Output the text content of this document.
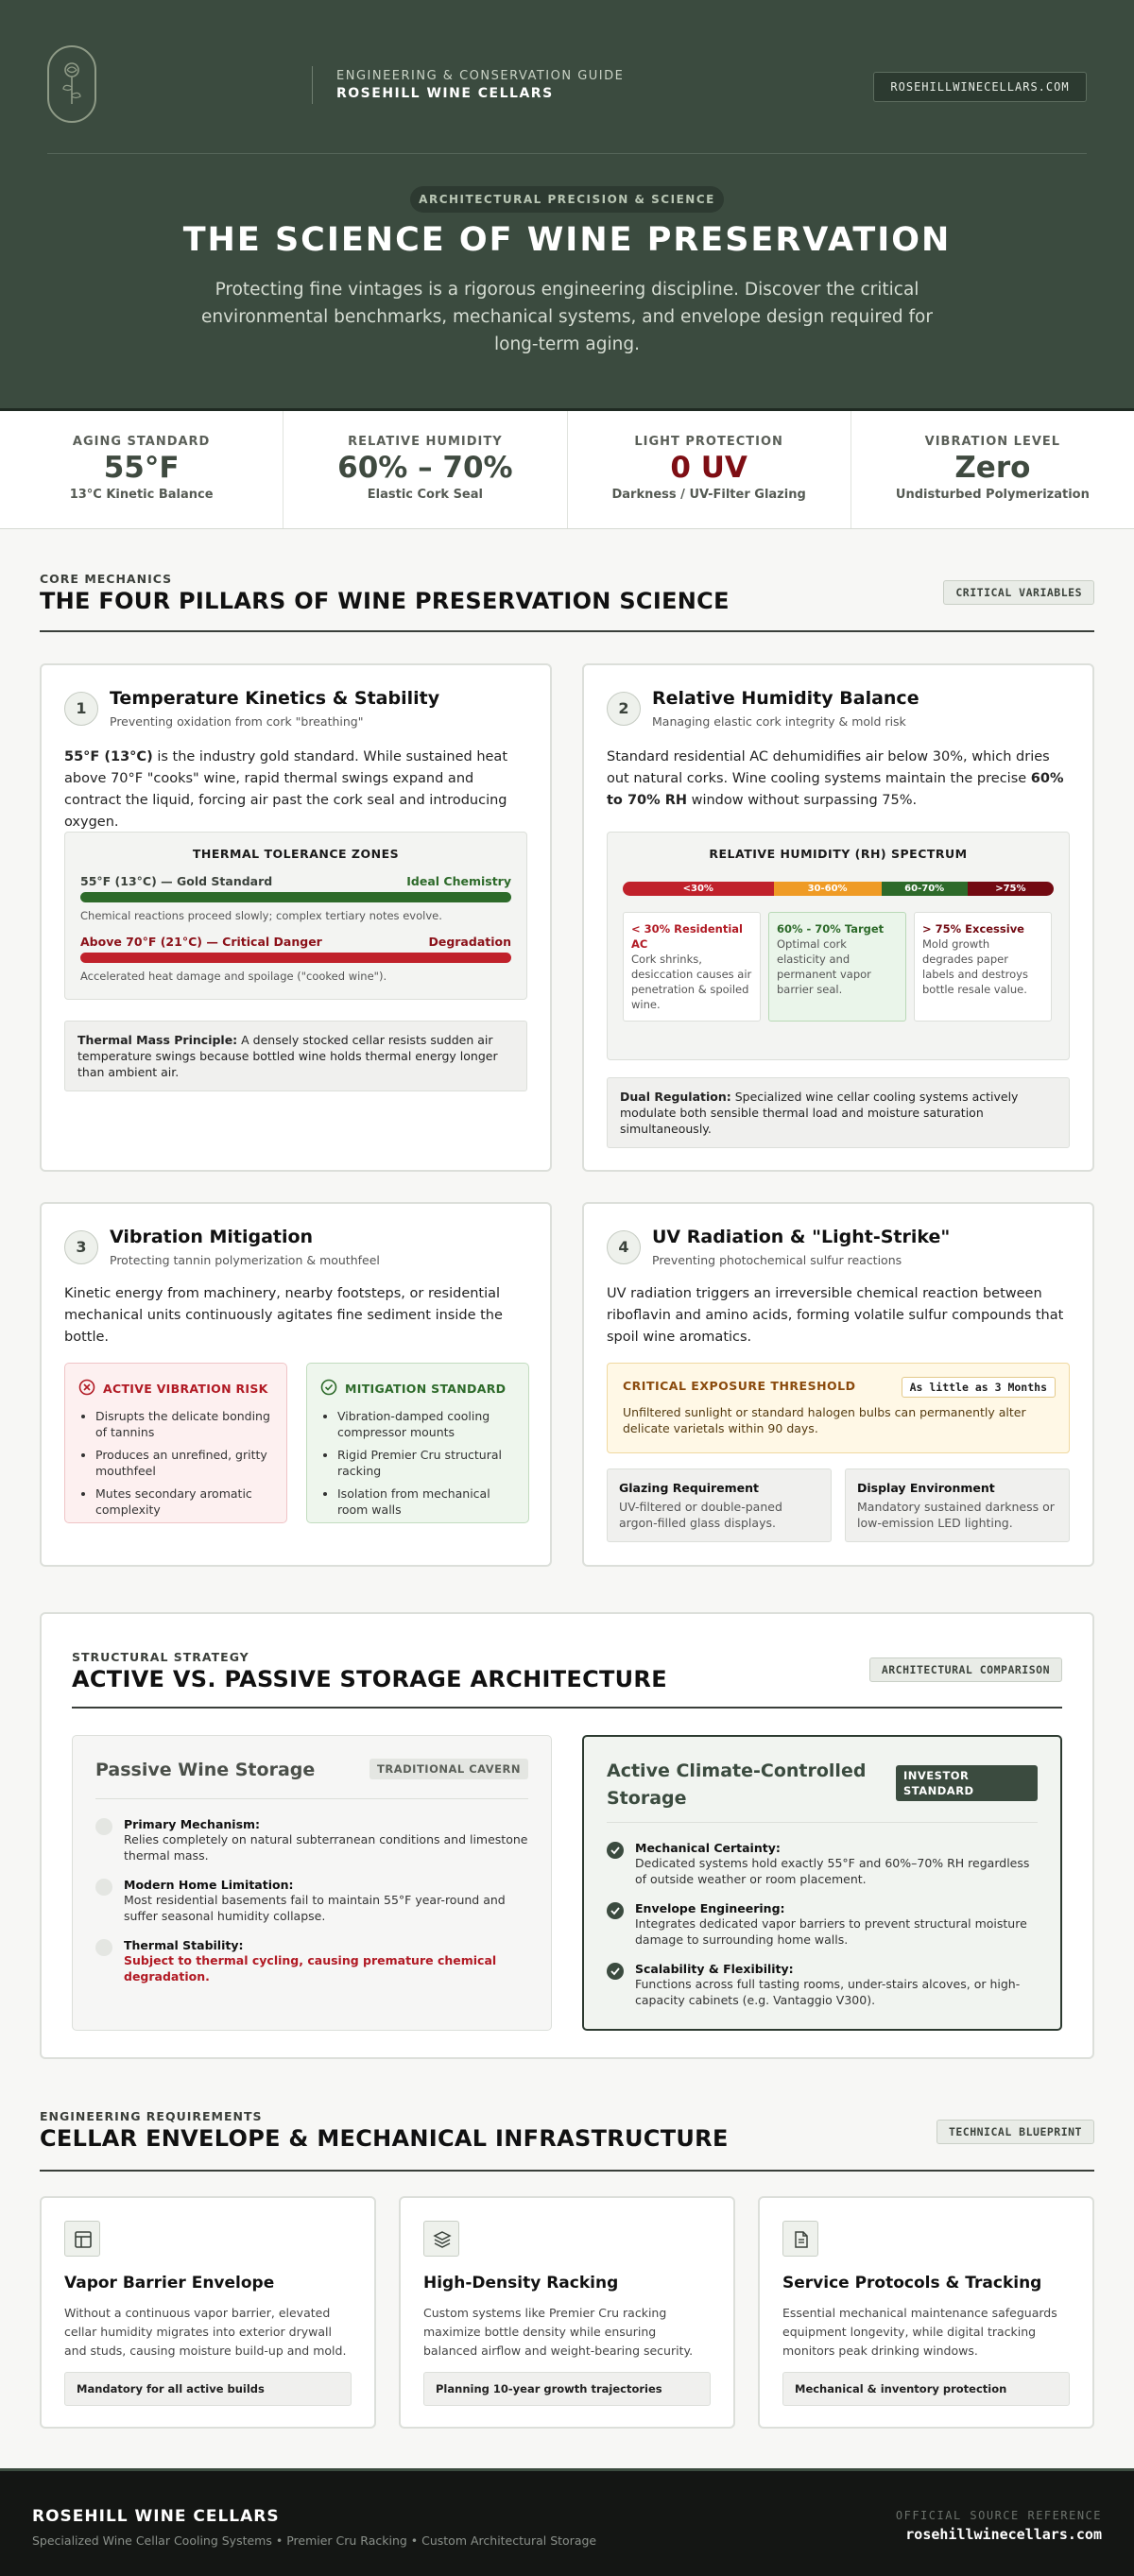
ENGINEERING & CONSERVATION GUIDE
ROSEHILL WINE CELLARS	ROSEHILLWINECELLARS.COM
ARCHITECTURAL PRECISION & SCIENCE
THE SCIENCE OF WINE PRESERVATION

Protecting fine vintages is a rigorous engineering discipline. Discover the critical environmental benchmarks, mechanical systems, and envelope design required for long-term aging.

AGING STANDARD
55°F
13°C Kinetic Balance
RELATIVE HUMIDITY
60% – 70%
Elastic Cork Seal
LIGHT PROTECTION
0 UV
Darkness / UV-Filter Glazing
VIBRATION LEVEL
Zero
Undisturbed Polymerization
CORE MECHANICS
THE FOUR PILLARS OF WINE PRESERVATION SCIENCE	CRITICAL VARIABLES
1	Temperature Kinetics & Stability
Preventing oxidation from cork "breathing"
55°F (13°C) is the industry gold standard. While sustained heat above 70°F "cooks" wine, rapid thermal swings expand and contract the liquid, forcing air past the cork seal and introducing oxygen.
THERMAL TOLERANCE ZONES
55°F (13°C) — Gold Standard	Ideal Chemistry
Chemical reactions proceed slowly; complex tertiary notes evolve.
Above 70°F (21°C) — Critical Danger	Degradation
Accelerated heat damage and spoilage ("cooked wine").
Thermal Mass Principle: A densely stocked cellar resists sudden air temperature swings because bottled wine holds thermal energy longer than ambient air.
2	Relative Humidity Balance
Managing elastic cork integrity & mold risk
Standard residential AC dehumidifies air below 30%, which dries out natural corks. Wine cooling systems maintain the precise 60% to 70% RH window without surpassing 75%.
RELATIVE HUMIDITY (RH) SPECTRUM
<30%	30-60%	60-70%	>75%
< 30% Residential AC
Cork shrinks, desiccation causes air penetration & spoiled wine.
60% - 70% Target
Optimal cork elasticity and permanent vapor barrier seal.
> 75% Excessive
Mold growth degrades paper labels and destroys bottle resale value.
Dual Regulation: Specialized wine cellar cooling systems actively modulate both sensible thermal load and moisture saturation simultaneously.
3	Vibration Mitigation
Protecting tannin polymerization & mouthfeel
Kinetic energy from machinery, nearby footsteps, or residential mechanical units continuously agitates fine sediment inside the bottle.
ACTIVE VIBRATION RISK
• Disrupts the delicate bonding of tannins
• Produces an unrefined, gritty mouthfeel
• Mutes secondary aromatic complexity
MITIGATION STANDARD
• Vibration-damped cooling compressor mounts
• Rigid Premier Cru structural racking
• Isolation from mechanical room walls
4	UV Radiation & "Light-Strike"
Preventing photochemical sulfur reactions
UV radiation triggers an irreversible chemical reaction between riboflavin and amino acids, forming volatile sulfur compounds that spoil wine aromatics.
CRITICAL EXPOSURE THRESHOLD	As little as 3 Months
Unfiltered sunlight or standard halogen bulbs can permanently alter delicate varietals within 90 days.
Glazing Requirement
UV-filtered or double-paned argon-filled glass displays.
Display Environment
Mandatory sustained darkness or low-emission LED lighting.
STRUCTURAL STRATEGY
ACTIVE VS. PASSIVE STORAGE ARCHITECTURE	ARCHITECTURAL COMPARISON
Passive Wine Storage	TRADITIONAL CAVERN
Primary Mechanism:
Relies completely on natural subterranean conditions and limestone thermal mass.
Modern Home Limitation:
Most residential basements fail to maintain 55°F year-round and suffer seasonal humidity collapse.
Thermal Stability:
Subject to thermal cycling, causing premature chemical degradation.
Active Climate-Controlled Storage
INVESTOR STANDARD
Mechanical Certainty:
Dedicated systems hold exactly 55°F and 60%–70% RH regardless of outside weather or room placement.
Envelope Engineering:
Integrates dedicated vapor barriers to prevent structural moisture damage to surrounding home walls.
Scalability & Flexibility:
Functions across full tasting rooms, under-stairs alcoves, or high-capacity cabinets (e.g. Vantaggio V300).
ENGINEERING REQUIREMENTS
CELLAR ENVELOPE & MECHANICAL INFRASTRUCTURE	TECHNICAL BLUEPRINT
Vapor Barrier Envelope
Without a continuous vapor barrier, elevated cellar humidity migrates into exterior drywall and studs, causing moisture build-up and mold.
Mandatory for all active builds
High-Density Racking
Custom systems like Premier Cru racking maximize bottle density while ensuring balanced airflow and weight-bearing security.
Planning 10-year growth trajectories
Service Protocols & Tracking
Essential mechanical maintenance safeguards equipment longevity, while digital tracking monitors peak drinking windows.
Mechanical & inventory protection
ROSEHILL WINE CELLARS
Specialized Wine Cellar Cooling Systems • Premier Cru Racking • Custom Architectural Storage
OFFICIAL SOURCE REFERENCE
rosehillwinecellars.com
